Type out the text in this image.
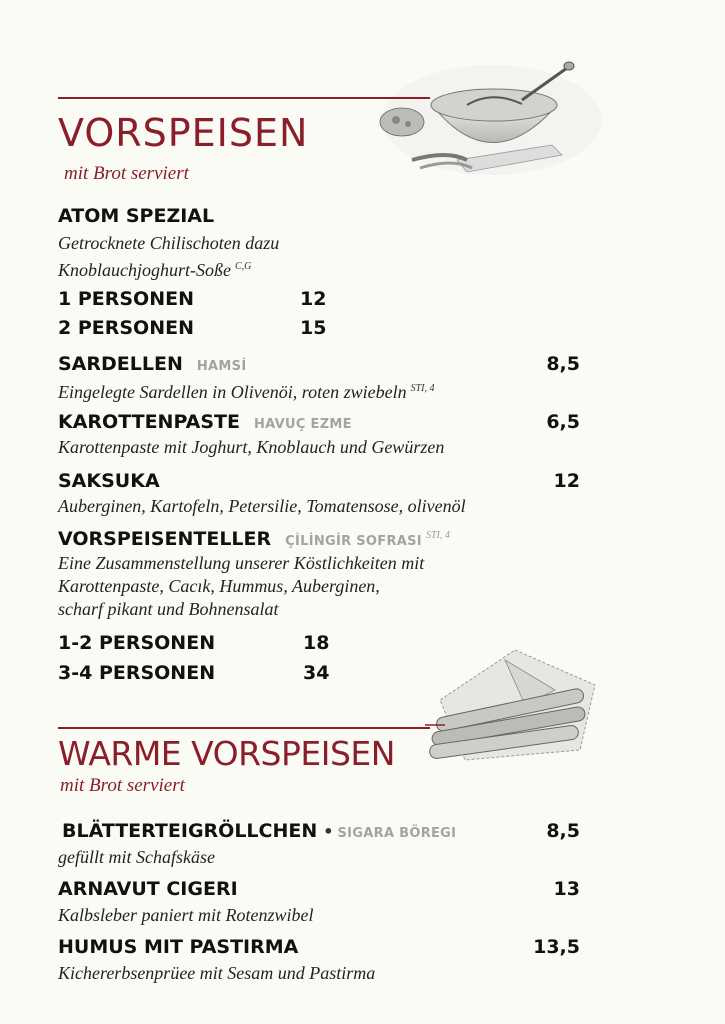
VORSPEISEN
mit Brot serviert
ATOM SPEZIAL
Getrocknete Chilischoten dazu
Knoblauchjoghurt-Soße $^{C,G}$
1 PERSONEN	12
2 PERSONEN	15
SARDELLEN HAMSİ	8,5
Eingelegte Sardellen in Olivenöi, roten zwiebeln $^{STI, 4}$
KAROTTENPASTE HAVUÇ EZME	6,5
Karottenpaste mit Joghurt, Knoblauch und Gewürzen
SAKSUKA	12
Auberginen, Kartofeln, Petersilie, Tomatensose, olivenöl
VORSPEISENTELLER ÇİLİNGİR SOFRASI $^{STI, 4}$
Eine Zusammenstellung unserer Köstlichkeiten mit
Karottenpaste, Cacık, Hummus, Auberginen,
scharf pikant und Bohnensalat
1-2 PERSONEN	18
3-4 PERSONEN	34
WARME VORSPEISEN
mit Brot serviert
BLÄTTERTEIGRÖLLCHEN • SIGARA BÖREGI	8,5
gefüllt mit Schafskäse
ARNAVUT CIGERI	13
Kalbsleber paniert mit Rotenzwibel
HUMUS MIT PASTIRMA	13,5
Kichererbsenprüee mit Sesam und Pastirma
